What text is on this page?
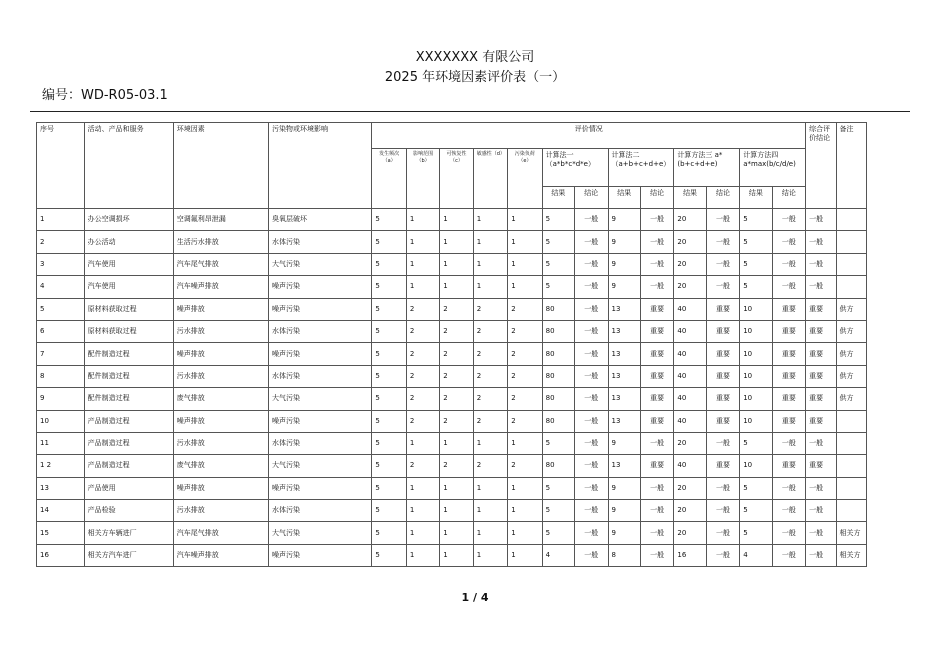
XXXXXXX 有限公司
2025 年环境因素评价表（一）
编号：WD-R05-03.1
序号	活动、产品和服务	环境因素	污染物或环境影响	评价情况													综合评价结论	备注
				发生频次（a）	影响范围（b）	可恢复性（c）	敏感性（d）	污染负荷（e）	计算法一（a*b*c*d*e）		计算法二（a+b+c+d+e）		计算方法三 a*(b+c+d+e)		计算方法四 a*max(b/c/d/e)			
									结果	结论	结果	结论	结果	结论	结果	结论		
1	办公空调损坏	空调氟利昂泄漏	臭氧层破坏	5	1	1	1	1	5	一般	9	一般	20	一般	5	一般	一般	
2	办公活动	生活污水排放	水体污染	5	1	1	1	1	5	一般	9	一般	20	一般	5	一般	一般	
3	汽车使用	汽车尾气排放	大气污染	5	1	1	1	1	5	一般	9	一般	20	一般	5	一般	一般	
4	汽车使用	汽车噪声排放	噪声污染	5	1	1	1	1	5	一般	9	一般	20	一般	5	一般	一般	
5	原材料获取过程	噪声排放	噪声污染	5	2	2	2	2	80	一般	13	重要	40	重要	10	重要	重要	供方
6	原材料获取过程	污水排放	水体污染	5	2	2	2	2	80	一般	13	重要	40	重要	10	重要	重要	供方
7	配件制造过程	噪声排放	噪声污染	5	2	2	2	2	80	一般	13	重要	40	重要	10	重要	重要	供方
8	配件制造过程	污水排放	水体污染	5	2	2	2	2	80	一般	13	重要	40	重要	10	重要	重要	供方
9	配件制造过程	废气排放	大气污染	5	2	2	2	2	80	一般	13	重要	40	重要	10	重要	重要	供方
10	产品制造过程	噪声排放	噪声污染	5	2	2	2	2	80	一般	13	重要	40	重要	10	重要	重要	
11	产品制造过程	污水排放	水体污染	5	1	1	1	1	5	一般	9	一般	20	一般	5	一般	一般	
1 2	产品制造过程	废气排放	大气污染	5	2	2	2	2	80	一般	13	重要	40	重要	10	重要	重要	
13	产品使用	噪声排放	噪声污染	5	1	1	1	1	5	一般	9	一般	20	一般	5	一般	一般	
14	产品检验	污水排放	水体污染	5	1	1	1	1	5	一般	9	一般	20	一般	5	一般	一般	
15	相关方车辆进厂	汽车尾气排放	大气污染	5	1	1	1	1	5	一般	9	一般	20	一般	5	一般	一般	相关方
16	相关方汽车进厂	汽车噪声排放	噪声污染	5	1	1	1	1	4	一般	8	一般	16	一般	4	一般	一般	相关方
1 / 4
